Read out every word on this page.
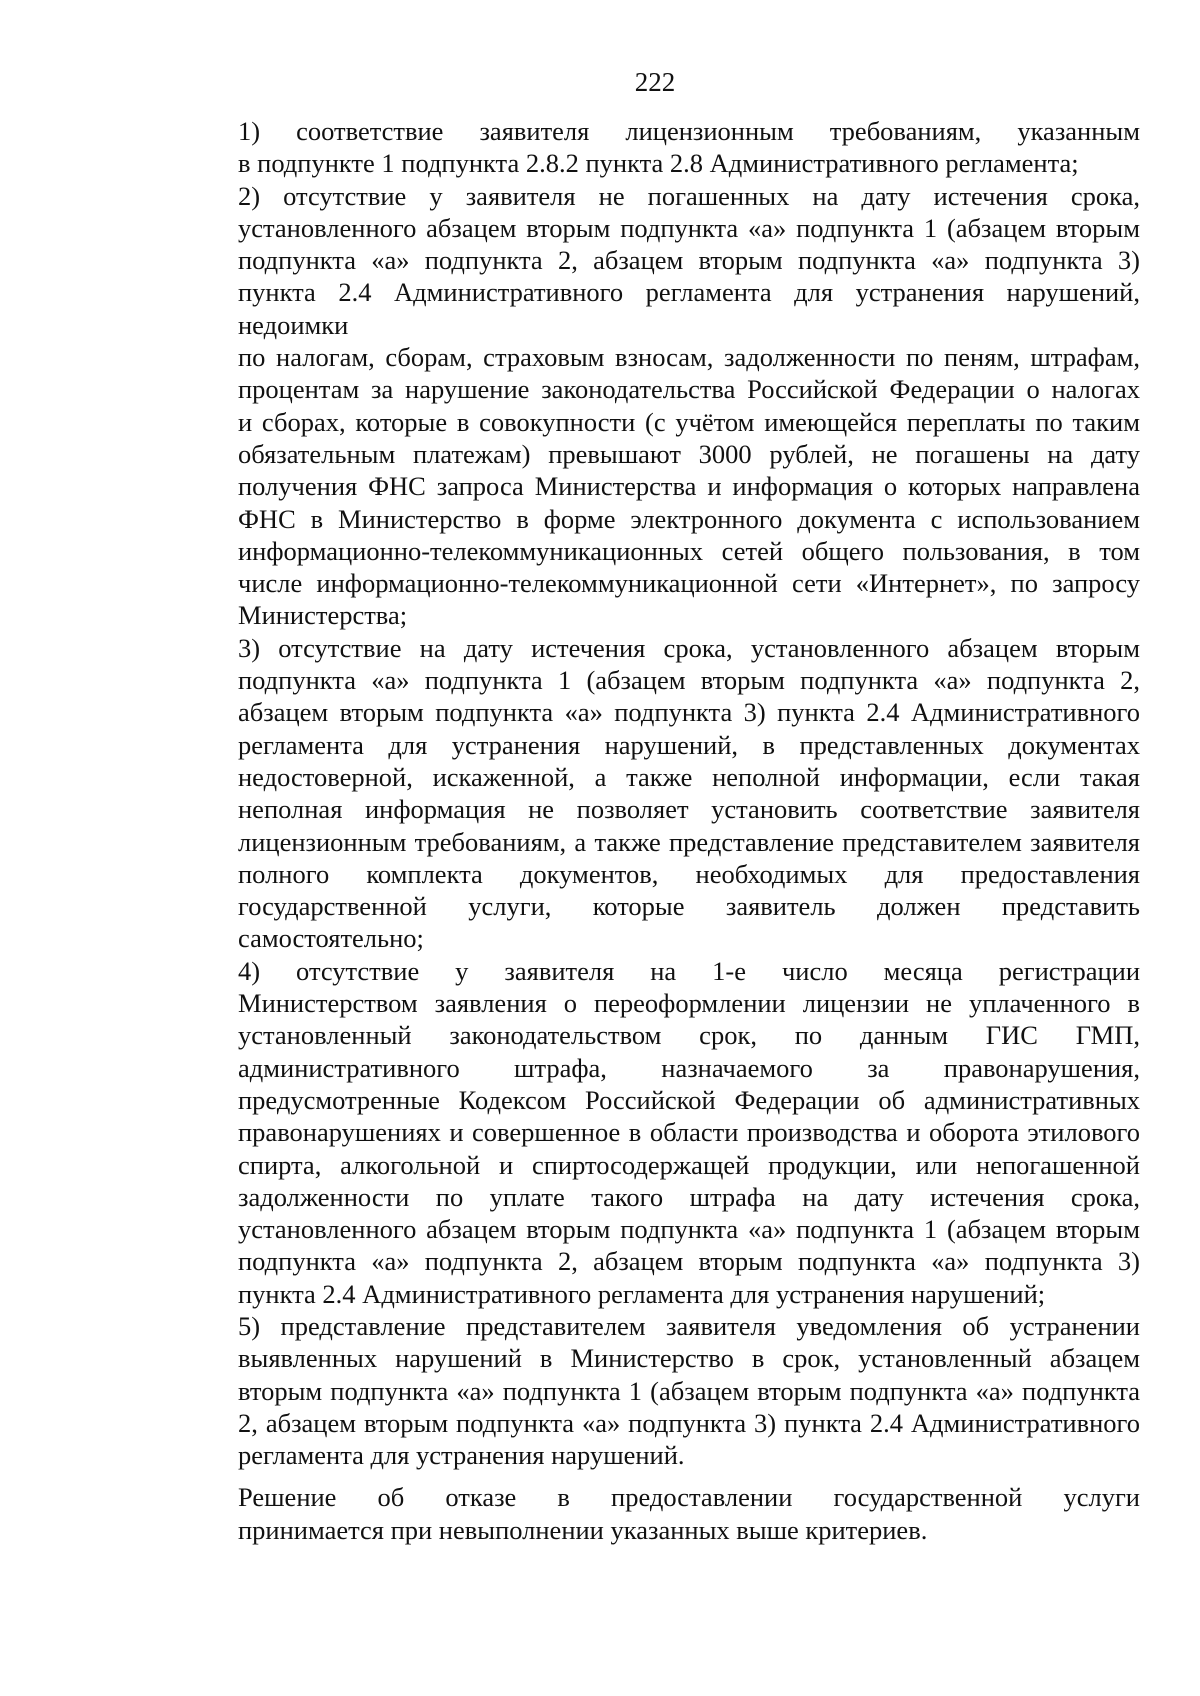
222

1) соответствие заявителя лицензионным требованиям, указанным
в подпункте 1 подпункта 2.8.2 пункта 2.8 Административного регламента;

2) отсутствие у заявителя не погашенных на дату истечения срока,
установленного абзацем вторым подпункта «а» подпункта 1 (абзацем вторым
подпункта «а» подпункта 2, абзацем вторым подпункта «а» подпункта 3)
пункта 2.4 Административного регламента для устранения нарушений,
недоимки
по налогам, сборам, страховым взносам, задолженности по пеням, штрафам,
процентам за нарушение законодательства Российской Федерации о налогах
и сборах, которые в совокупности (с учётом имеющейся переплаты по таким
обязательным платежам) превышают 3000 рублей, не погашены на дату
получения ФНС запроса Министерства и информация о которых направлена
ФНС в Министерство в форме электронного документа с использованием
информационно-телекоммуникационных сетей общего пользования, в том
числе информационно-телекоммуникационной сети «Интернет», по запросу
Министерства;

3) отсутствие на дату истечения срока, установленного абзацем вторым
подпункта «а» подпункта 1 (абзацем вторым подпункта «а» подпункта 2,
абзацем вторым подпункта «а» подпункта 3) пункта 2.4 Административного
регламента для устранения нарушений, в представленных документах
недостоверной, искаженной, а также неполной информации, если такая
неполная информация не позволяет установить соответствие заявителя
лицензионным требованиям, а также представление представителем заявителя
полного комплекта документов, необходимых для предоставления
государственной услуги, которые заявитель должен представить
самостоятельно;

4) отсутствие у заявителя на 1-е число месяца регистрации
Министерством заявления о переоформлении лицензии не уплаченного в
установленный законодательством срок, по данным ГИС ГМП,
административного штрафа, назначаемого за правонарушения,
предусмотренные Кодексом Российской Федерации об административных
правонарушениях и совершенное в области производства и оборота этилового
спирта, алкогольной и спиртосодержащей продукции, или непогашенной
задолженности по уплате такого штрафа на дату истечения срока,
установленного абзацем вторым подпункта «а» подпункта 1 (абзацем вторым
подпункта «а» подпункта 2, абзацем вторым подпункта «а» подпункта 3)
пункта 2.4 Административного регламента для устранения нарушений;

5) представление представителем заявителя уведомления об устранении
выявленных нарушений в Министерство в срок, установленный абзацем
вторым подпункта «а» подпункта 1 (абзацем вторым подпункта «а» подпункта
2, абзацем вторым подпункта «а» подпункта 3) пункта 2.4 Административного
регламента для устранения нарушений.

Решение об отказе в предоставлении государственной услуги
принимается при невыполнении указанных выше критериев.
